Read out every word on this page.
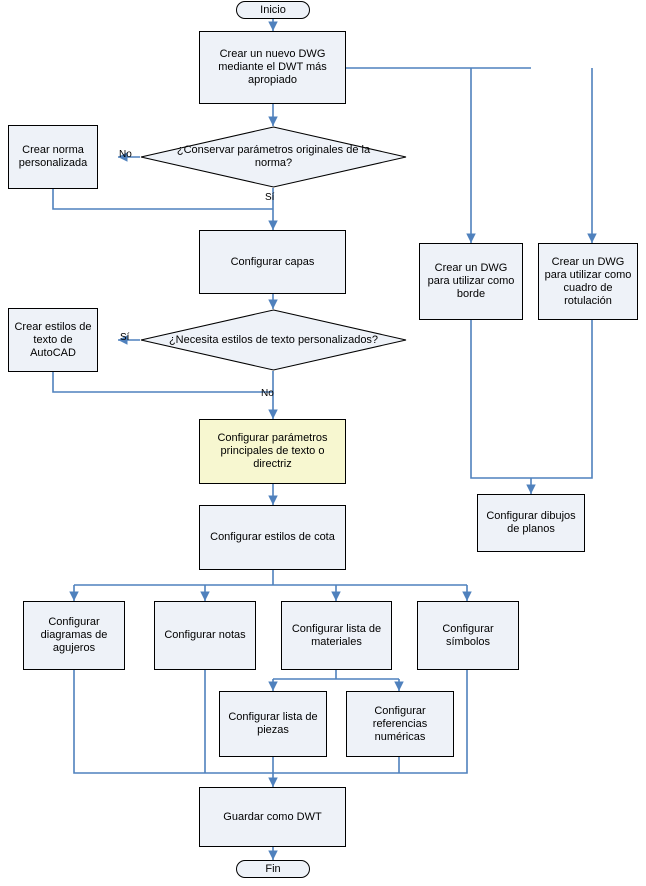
Inicio
Crear un nuevo DWG mediante el DWT más apropiado
¿Conservar parámetros originales de la norma?
Crear norma personalizada
Configurar capas
¿Necesita estilos de texto personalizados?
Crear estilos de texto de AutoCAD
Configurar parámetros principales de texto o directriz
Configurar estilos de cota
Configurar diagramas de agujeros
Configurar notas
Configurar lista de materiales
Configurar símbolos
Configurar lista de piezas
Configurar referencias numéricas
Guardar como DWT
Fin
Crear un DWG para utilizar como borde
Crear un DWG para utilizar como cuadro de rotulación
Configurar dibujos de planos
No
Sí
Sí
No
